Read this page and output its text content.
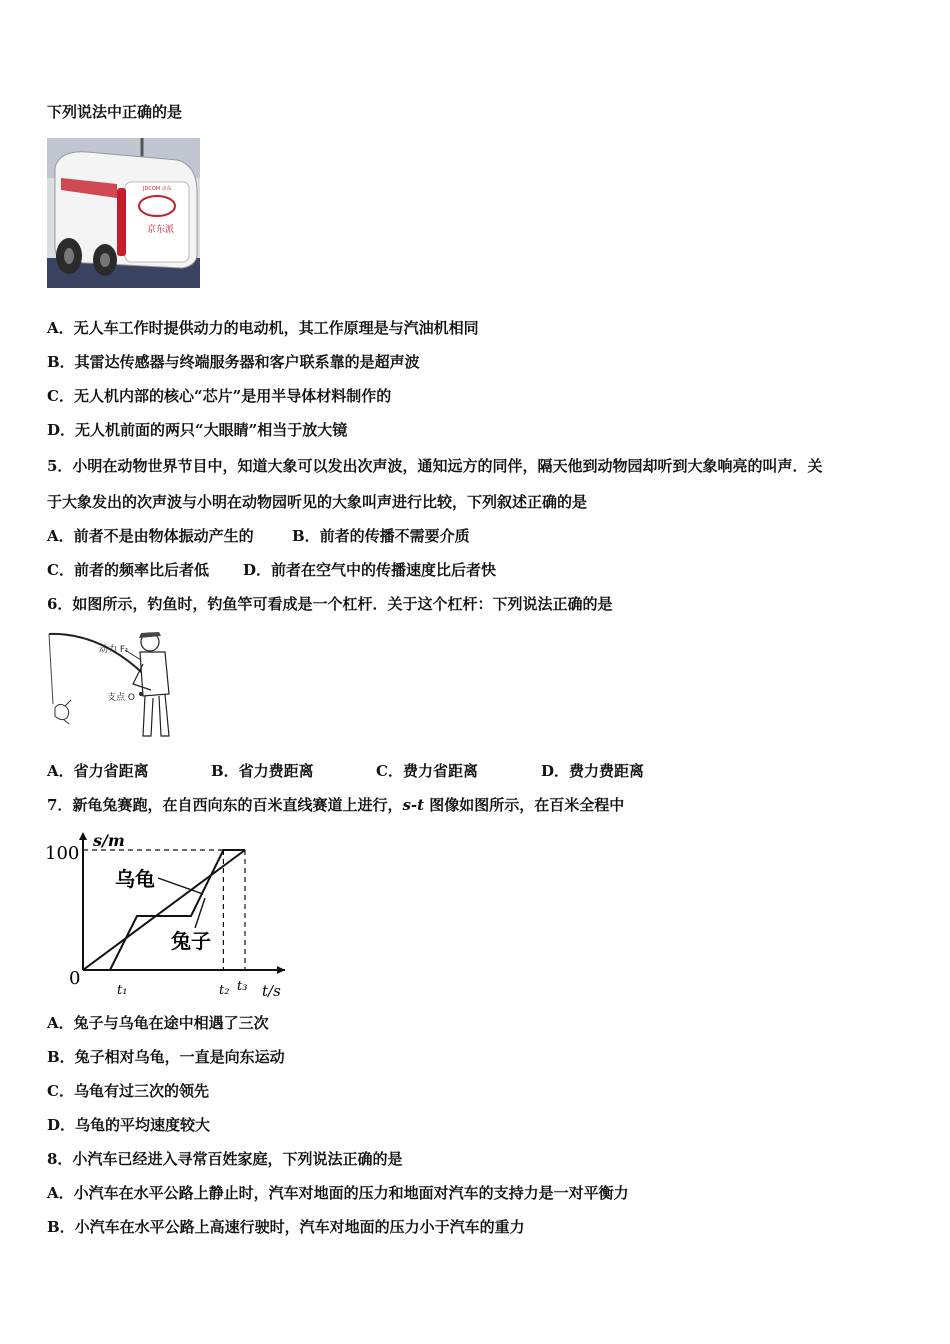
下列说法中正确的是
京东派
JDCOM 京东
A．无人车工作时提供动力的电动机，其工作原理是与汽油机相同
B．其雷达传感器与终端服务器和客户联系靠的是超声波
C．无人机内部的核心“芯片”是用半导体材料制作的
D．无人机前面的两只“大眼睛”相当于放大镜
5．小明在动物世界节目中，知道大象可以发出次声波，通知远方的同伴，隔天他到动物园却听到大象响亮的叫声．关
于大象发出的次声波与小明在动物园听见的大象叫声进行比较，下列叙述正确的是
A．前者不是由物体振动产生的	B．前者的传播不需要介质
C．前者的频率比后者低 D．前者在空气中的传播速度比后者快
6．如图所示，钓鱼时，钓鱼竿可看成是一个杠杆．关于这个杠杆：下列说法正确的是
动力 F₁
支点 O
A．省力省距离	B．省力费距离	C．费力省距离	D．费力费距离
7．新龟兔赛跑，在自西向东的百米直线赛道上进行，s-t 图像如图所示，在百米全程中
s/m
t/s
100
0
t₁	t₂ t₃
乌龟
兔子
A．兔子与乌龟在途中相遇了三次
B．兔子相对乌龟，一直是向东运动
C．乌龟有过三次的领先
D．乌龟的平均速度较大
8．小汽车已经进入寻常百姓家庭，下列说法正确的是
A．小汽车在水平公路上静止时，汽车对地面的压力和地面对汽车的支持力是一对平衡力
B．小汽车在水平公路上高速行驶时，汽车对地面的压力小于汽车的重力
